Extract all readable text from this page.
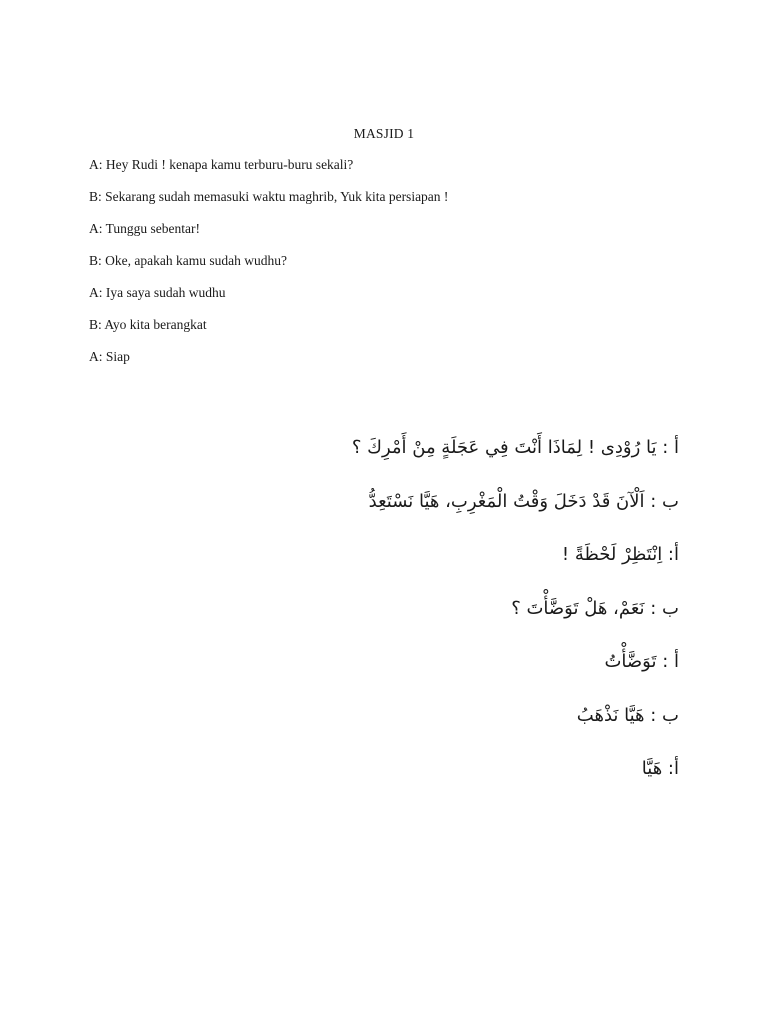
MASJID 1
A: Hey Rudi ! kenapa kamu terburu-buru sekali?
B: Sekarang sudah memasuki waktu maghrib, Yuk kita persiapan !
A: Tunggu sebentar!
B: Oke, apakah kamu sudah wudhu?
A: Iya saya sudah wudhu
B: Ayo kita berangkat
A: Siap
أ : يَا رُوْدِى ! لِمَاذَا أَنْتَ فِي عَجَلَةٍ مِنْ أَمْرِكَ ؟
ب : اَلْآنَ قَدْ دَخَلَ وَقْتُ الْمَغْرِبِ، هَيَّا نَسْتَعِدُّ
أ: اِنْتَظِرْ لَحْظَةً !
ب : نَعَمْ، هَلْ تَوَضَّأْتَ ؟
أ : تَوَضَّأْتُ
ب : هَيَّا نَذْهَبُ
أ: هَيَّا
